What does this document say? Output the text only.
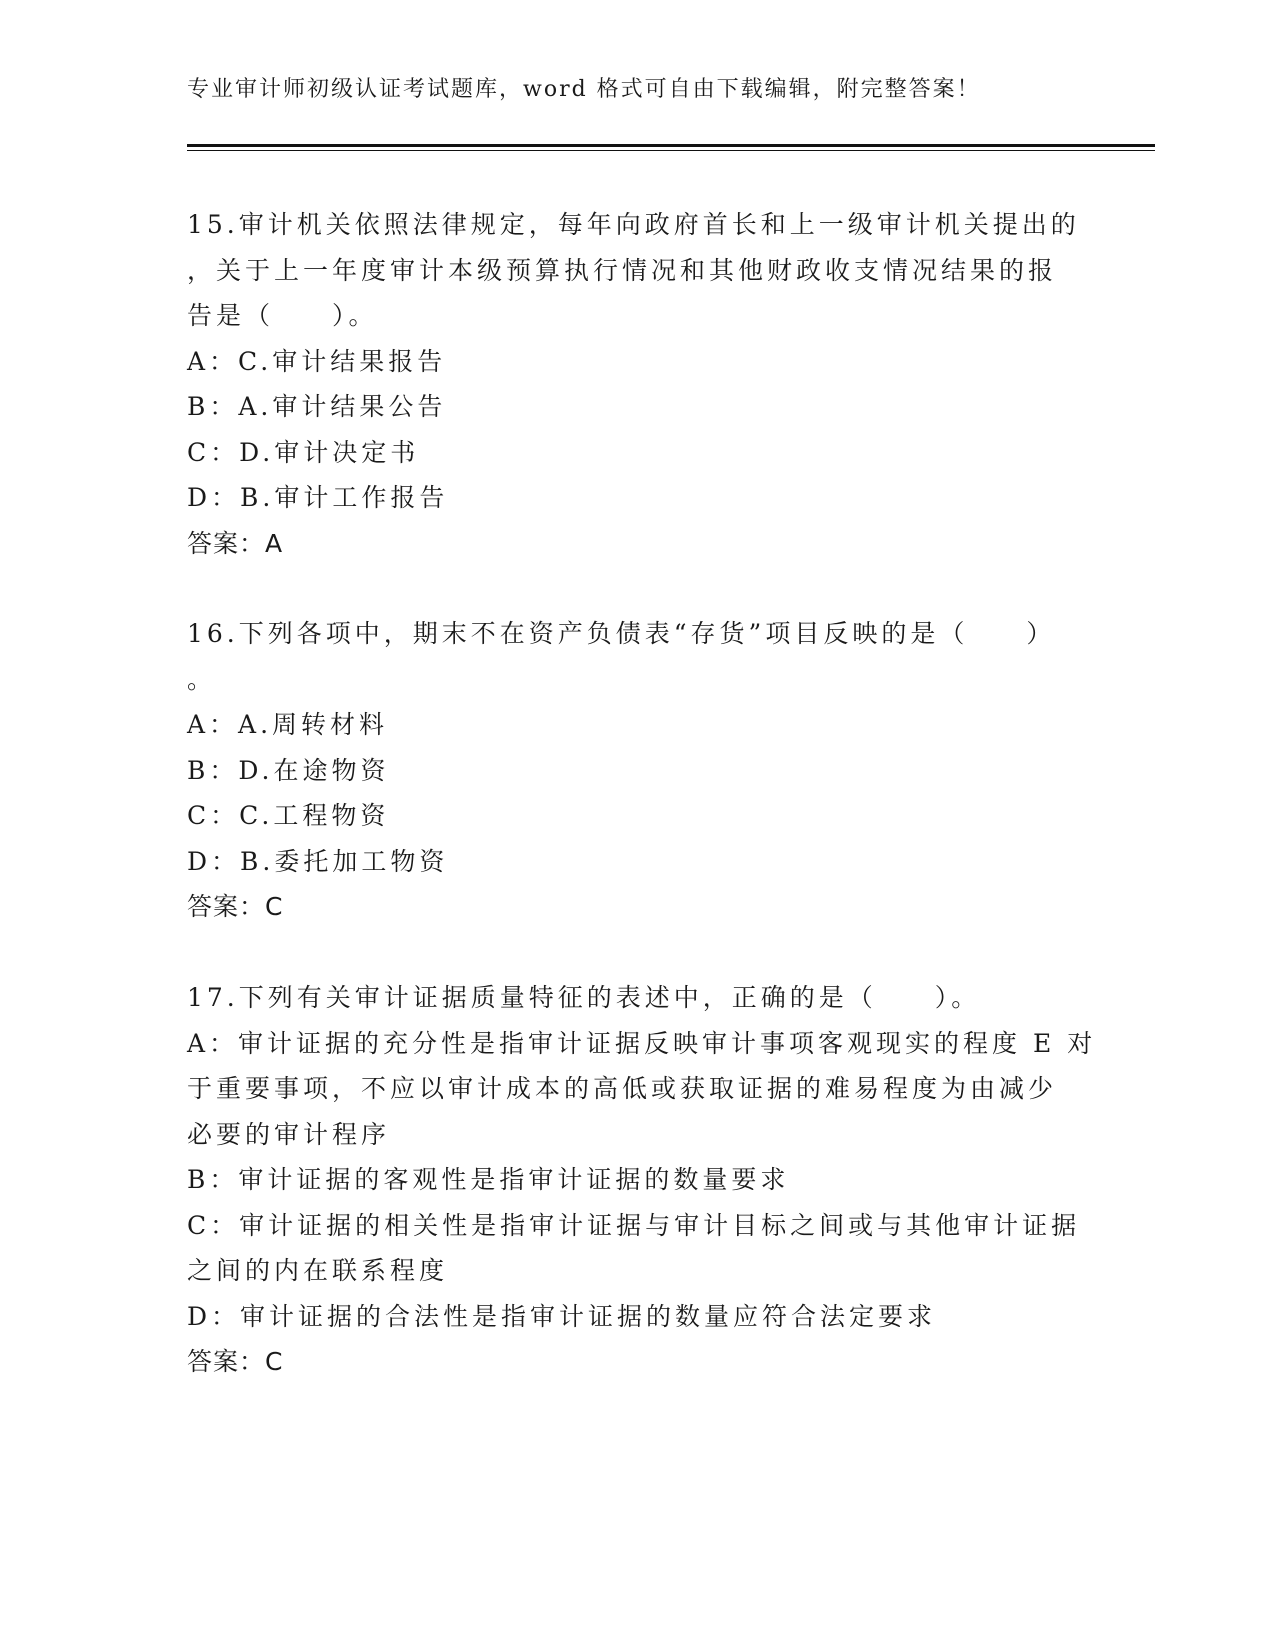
专业审计师初级认证考试题库，word 格式可自由下载编辑，附完整答案！
15.审计机关依照法律规定，每年向政府首长和上一级审计机关提出的
，关于上一年度审计本级预算执行情况和其他财政收支情况结果的报
告是（　　）。
A：C.审计结果报告
B：A.审计结果公告
C：D.审计决定书
D：B.审计工作报告
答案：A
16.下列各项中，期末不在资产负债表“存货”项目反映的是（　　）
。
A：A.周转材料
B：D.在途物资
C：C.工程物资
D：B.委托加工物资
答案：C
17.下列有关审计证据质量特征的表述中，正确的是（　　）。
A：审计证据的充分性是指审计证据反映审计事项客观现实的程度 E 对
于重要事项，不应以审计成本的高低或获取证据的难易程度为由减少
必要的审计程序
B：审计证据的客观性是指审计证据的数量要求
C：审计证据的相关性是指审计证据与审计目标之间或与其他审计证据
之间的内在联系程度
D：审计证据的合法性是指审计证据的数量应符合法定要求
答案：C
